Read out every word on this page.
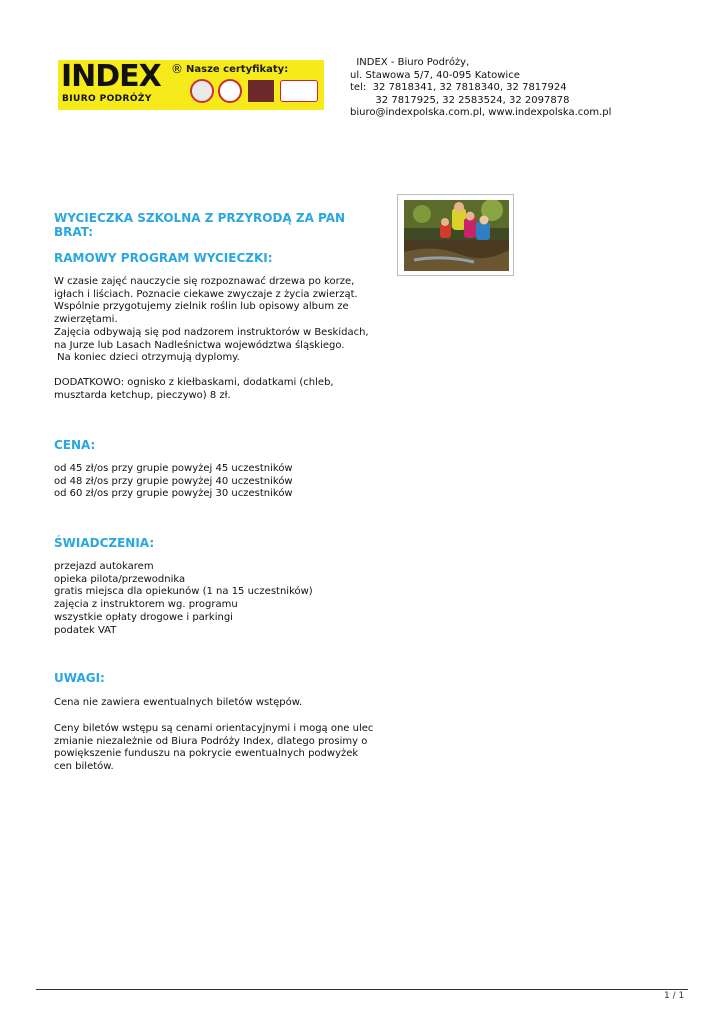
INDEX ®
BIURO PODRÓŻY
Nasze certyfikaty:
INDEX - Biuro Podróży,
ul. Stawowa 5/7, 40-095 Katowice
tel:  32 7818341, 32 7818340, 32 7817924
32 7817925, 32 2583524, 32 2097878
biuro@indexpolska.com.pl, www.indexpolska.com.pl
WYCIECZKA SZKOLNA Z PRZYRODĄ ZA PAN
BRAT:
RAMOWY PROGRAM WYCIECZKI:
W czasie zajęć nauczycie się rozpoznawać drzewa po korze,
igłach i liściach. Poznacie ciekawe zwyczaje z życia zwierząt.
Wspólnie przygotujemy zielnik roślin lub opisowy album ze
zwierzętami.
Zajęcia odbywają się pod nadzorem instruktorów w Beskidach,
na Jurze lub Lasach Nadleśnictwa województwa śląskiego.
Na koniec dzieci otrzymują dyplomy.
DODATKOWO: ognisko z kiełbaskami, dodatkami (chleb,
musztarda ketchup, pieczywo) 8 zł.
CENA:
od 45 zł/os przy grupie powyżej 45 uczestników
od 48 zł/os przy grupie powyżej 40 uczestników
od 60 zł/os przy grupie powyżej 30 uczestników
ŚWIADCZENIA:
przejazd autokarem
opieka pilota/przewodnika
gratis miejsca dla opiekunów (1 na 15 uczestników)
zajęcia z instruktorem wg. programu
wszystkie opłaty drogowe i parkingi
podatek VAT
UWAGI:
Cena nie zawiera ewentualnych biletów wstępów.
Ceny biletów wstępu są cenami orientacyjnymi i mogą one ulec
zmianie niezależnie od Biura Podróży Index, dlatego prosimy o
powiększenie funduszu na pokrycie ewentualnych podwyżek
cen biletów.
1 / 1
